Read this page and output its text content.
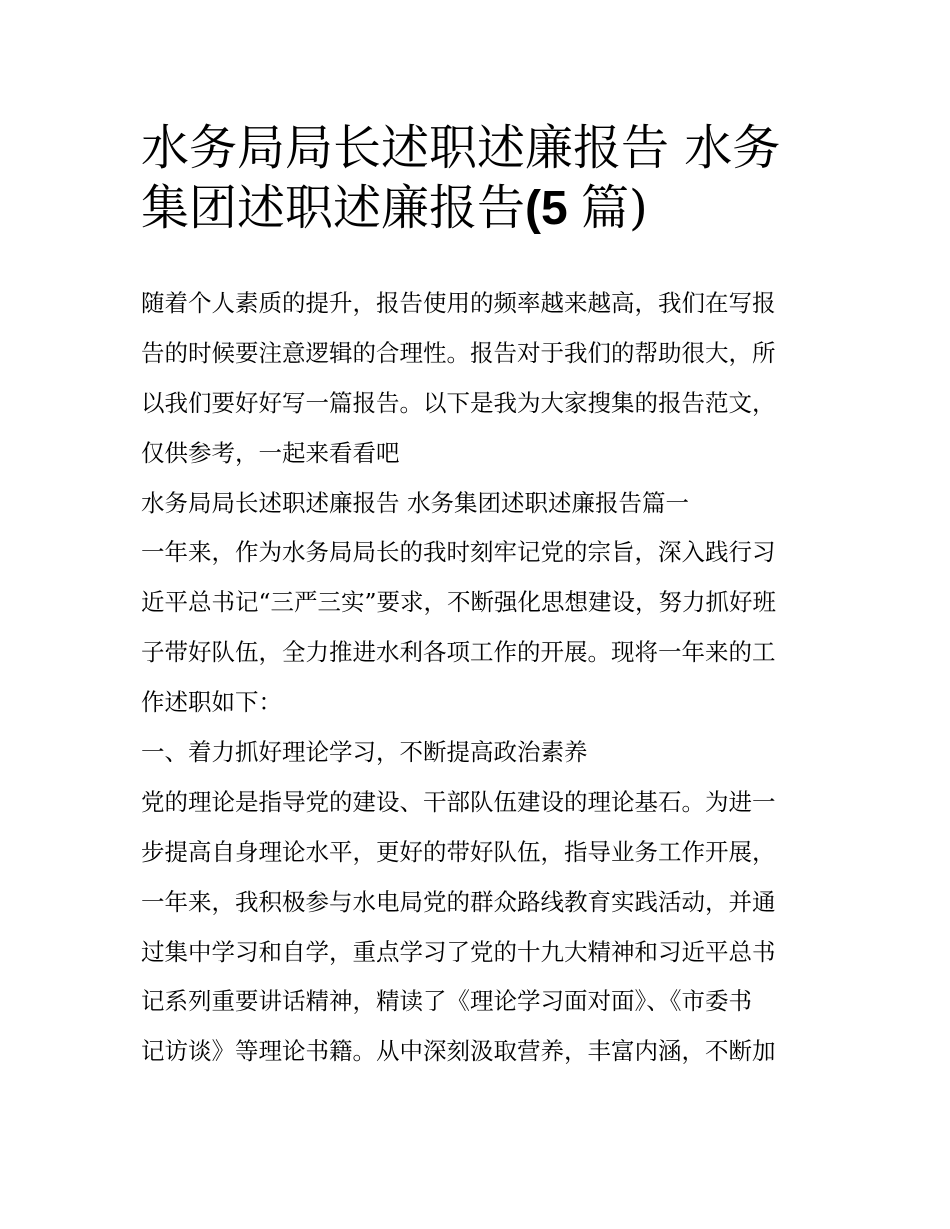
水务局局长述职述廉报告 水务
集团述职述廉报告(5 篇)

随着个人素质的提升，报告使用的频率越来越高，我们在写报

告的时候要注意逻辑的合理性。报告对于我们的帮助很大，所

以我们要好好写一篇报告。以下是我为大家搜集的报告范文，

仅供参考，一起来看看吧

水务局局长述职述廉报告 水务集团述职述廉报告篇一

一年来，作为水务局局长的我时刻牢记党的宗旨，深入践行习

近平总书记“三严三实”要求，不断强化思想建设，努力抓好班

子带好队伍，全力推进水利各项工作的开展。现将一年来的工

作述职如下：

一、着力抓好理论学习，不断提高政治素养

党的理论是指导党的建设、干部队伍建设的理论基石。为进一

步提高自身理论水平，更好的带好队伍，指导业务工作开展，

一年来，我积极参与水电局党的群众路线教育实践活动，并通

过集中学习和自学，重点学习了党的十九大精神和习近平总书

记系列重要讲话精神，精读了《理论学习面对面》、《市委书

记访谈》等理论书籍。从中深刻汲取营养，丰富内涵，不断加
